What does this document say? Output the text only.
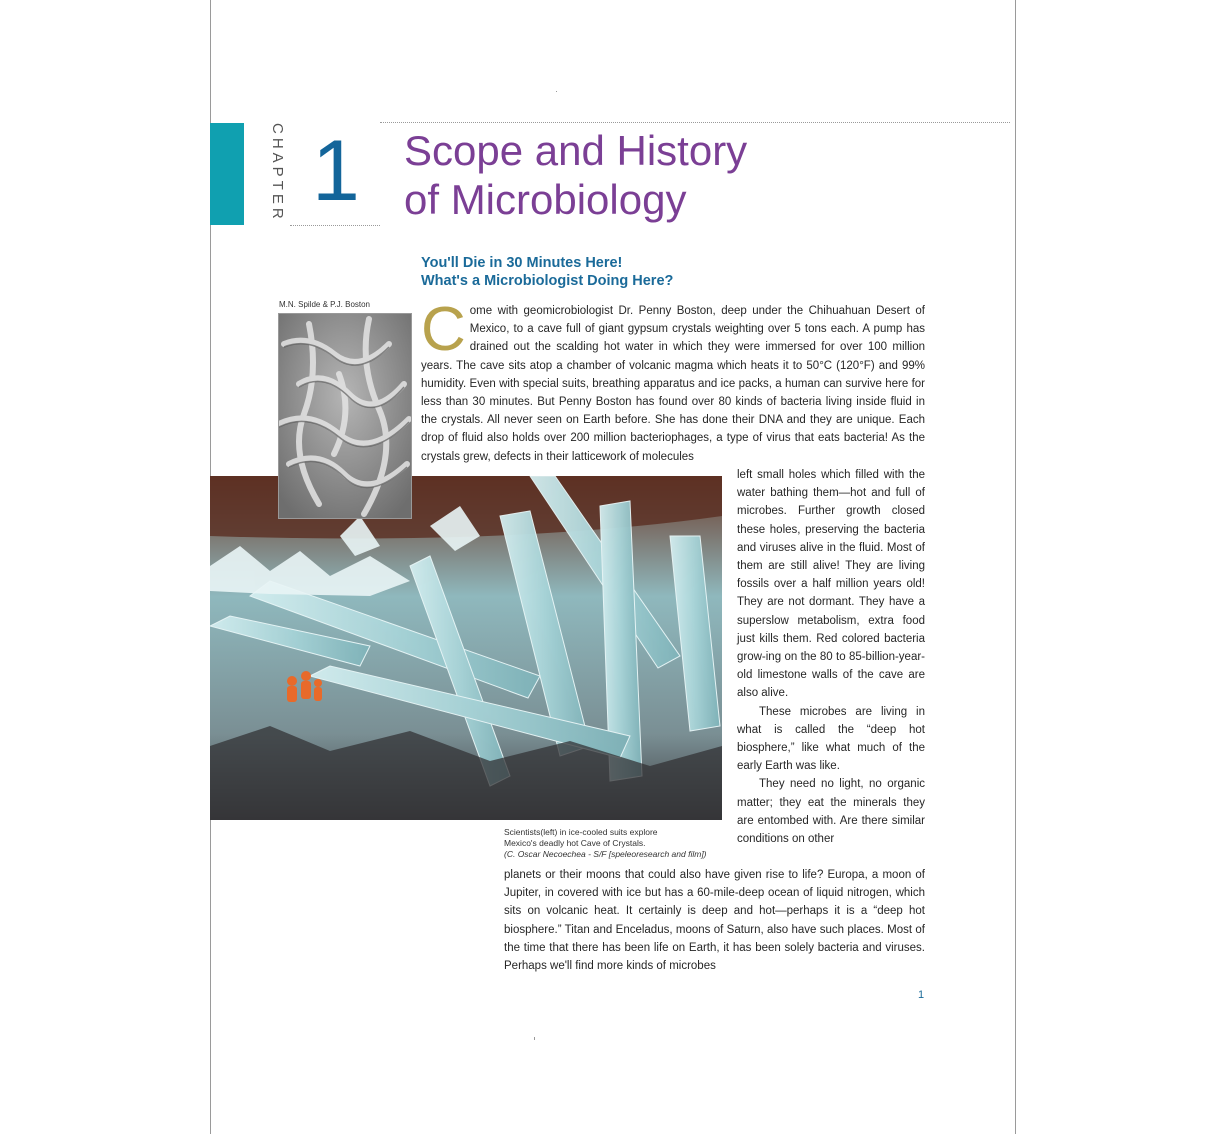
CHAPTER 1 Scope and History
of Microbiology
You'll Die in 30 Minutes Here!
What's a Microbiologist Doing Here?
M.N. Spilde & P.J. Boston
Scientists(left) in ice-cooled suits explore
Mexico's deadly hot Cave of Crystals.
(C. Oscar Necoechea - S/F [speleoresearch and film])
C ome with geomicrobiologist Dr. Penny Boston, deep under the Chihuahuan Desert of Mexico, to a cave full of giant gypsum crystals weighting over 5 tons each. A pump has drained out the scalding hot water in which they were immersed for over 100 million years. The cave sits atop a chamber of volcanic magma which heats it to 50°C (120°F) and 99% humidity. Even with special suits, breathing apparatus and ice packs, a human can survive here for less than 30 minutes. But Penny Boston has found over 80 kinds of bacteria living inside fluid in the crystals. All never seen on Earth before. She has done their DNA and they are unique. Each drop of fluid also holds over 200 million bacteriophages, a type of virus that eats bacteria! As the crystals grew, defects in their latticework of molecules

left small holes which filled with the water bathing them—hot and full of microbes. Further growth closed these holes, preserving the bacteria and viruses alive in the fluid. Most of them are still alive! They are living fossils over a half million years old! They are not dormant. They have a superslow metabolism, extra food just kills them. Red colored bacteria grow-ing on the 80 to 85-billion-year-old limestone walls of the cave are also alive.

These microbes are living in what is called the “deep hot biosphere,” like what much of the early Earth was like.

They need no light, no organic matter; they eat the minerals they are entombed with. Are there similar conditions on other

planets or their moons that could also have given rise to life? Europa, a moon of Jupiter, in covered with ice but has a 60-mile-deep ocean of liquid nitrogen, which sits on volcanic heat. It certainly is deep and hot—perhaps it is a “deep hot biosphere.” Titan and Enceladus, moons of Saturn, also have such places. Most of the time that there has been life on Earth, it has been solely bacteria and viruses. Perhaps we'll find more kinds of microbes
1
